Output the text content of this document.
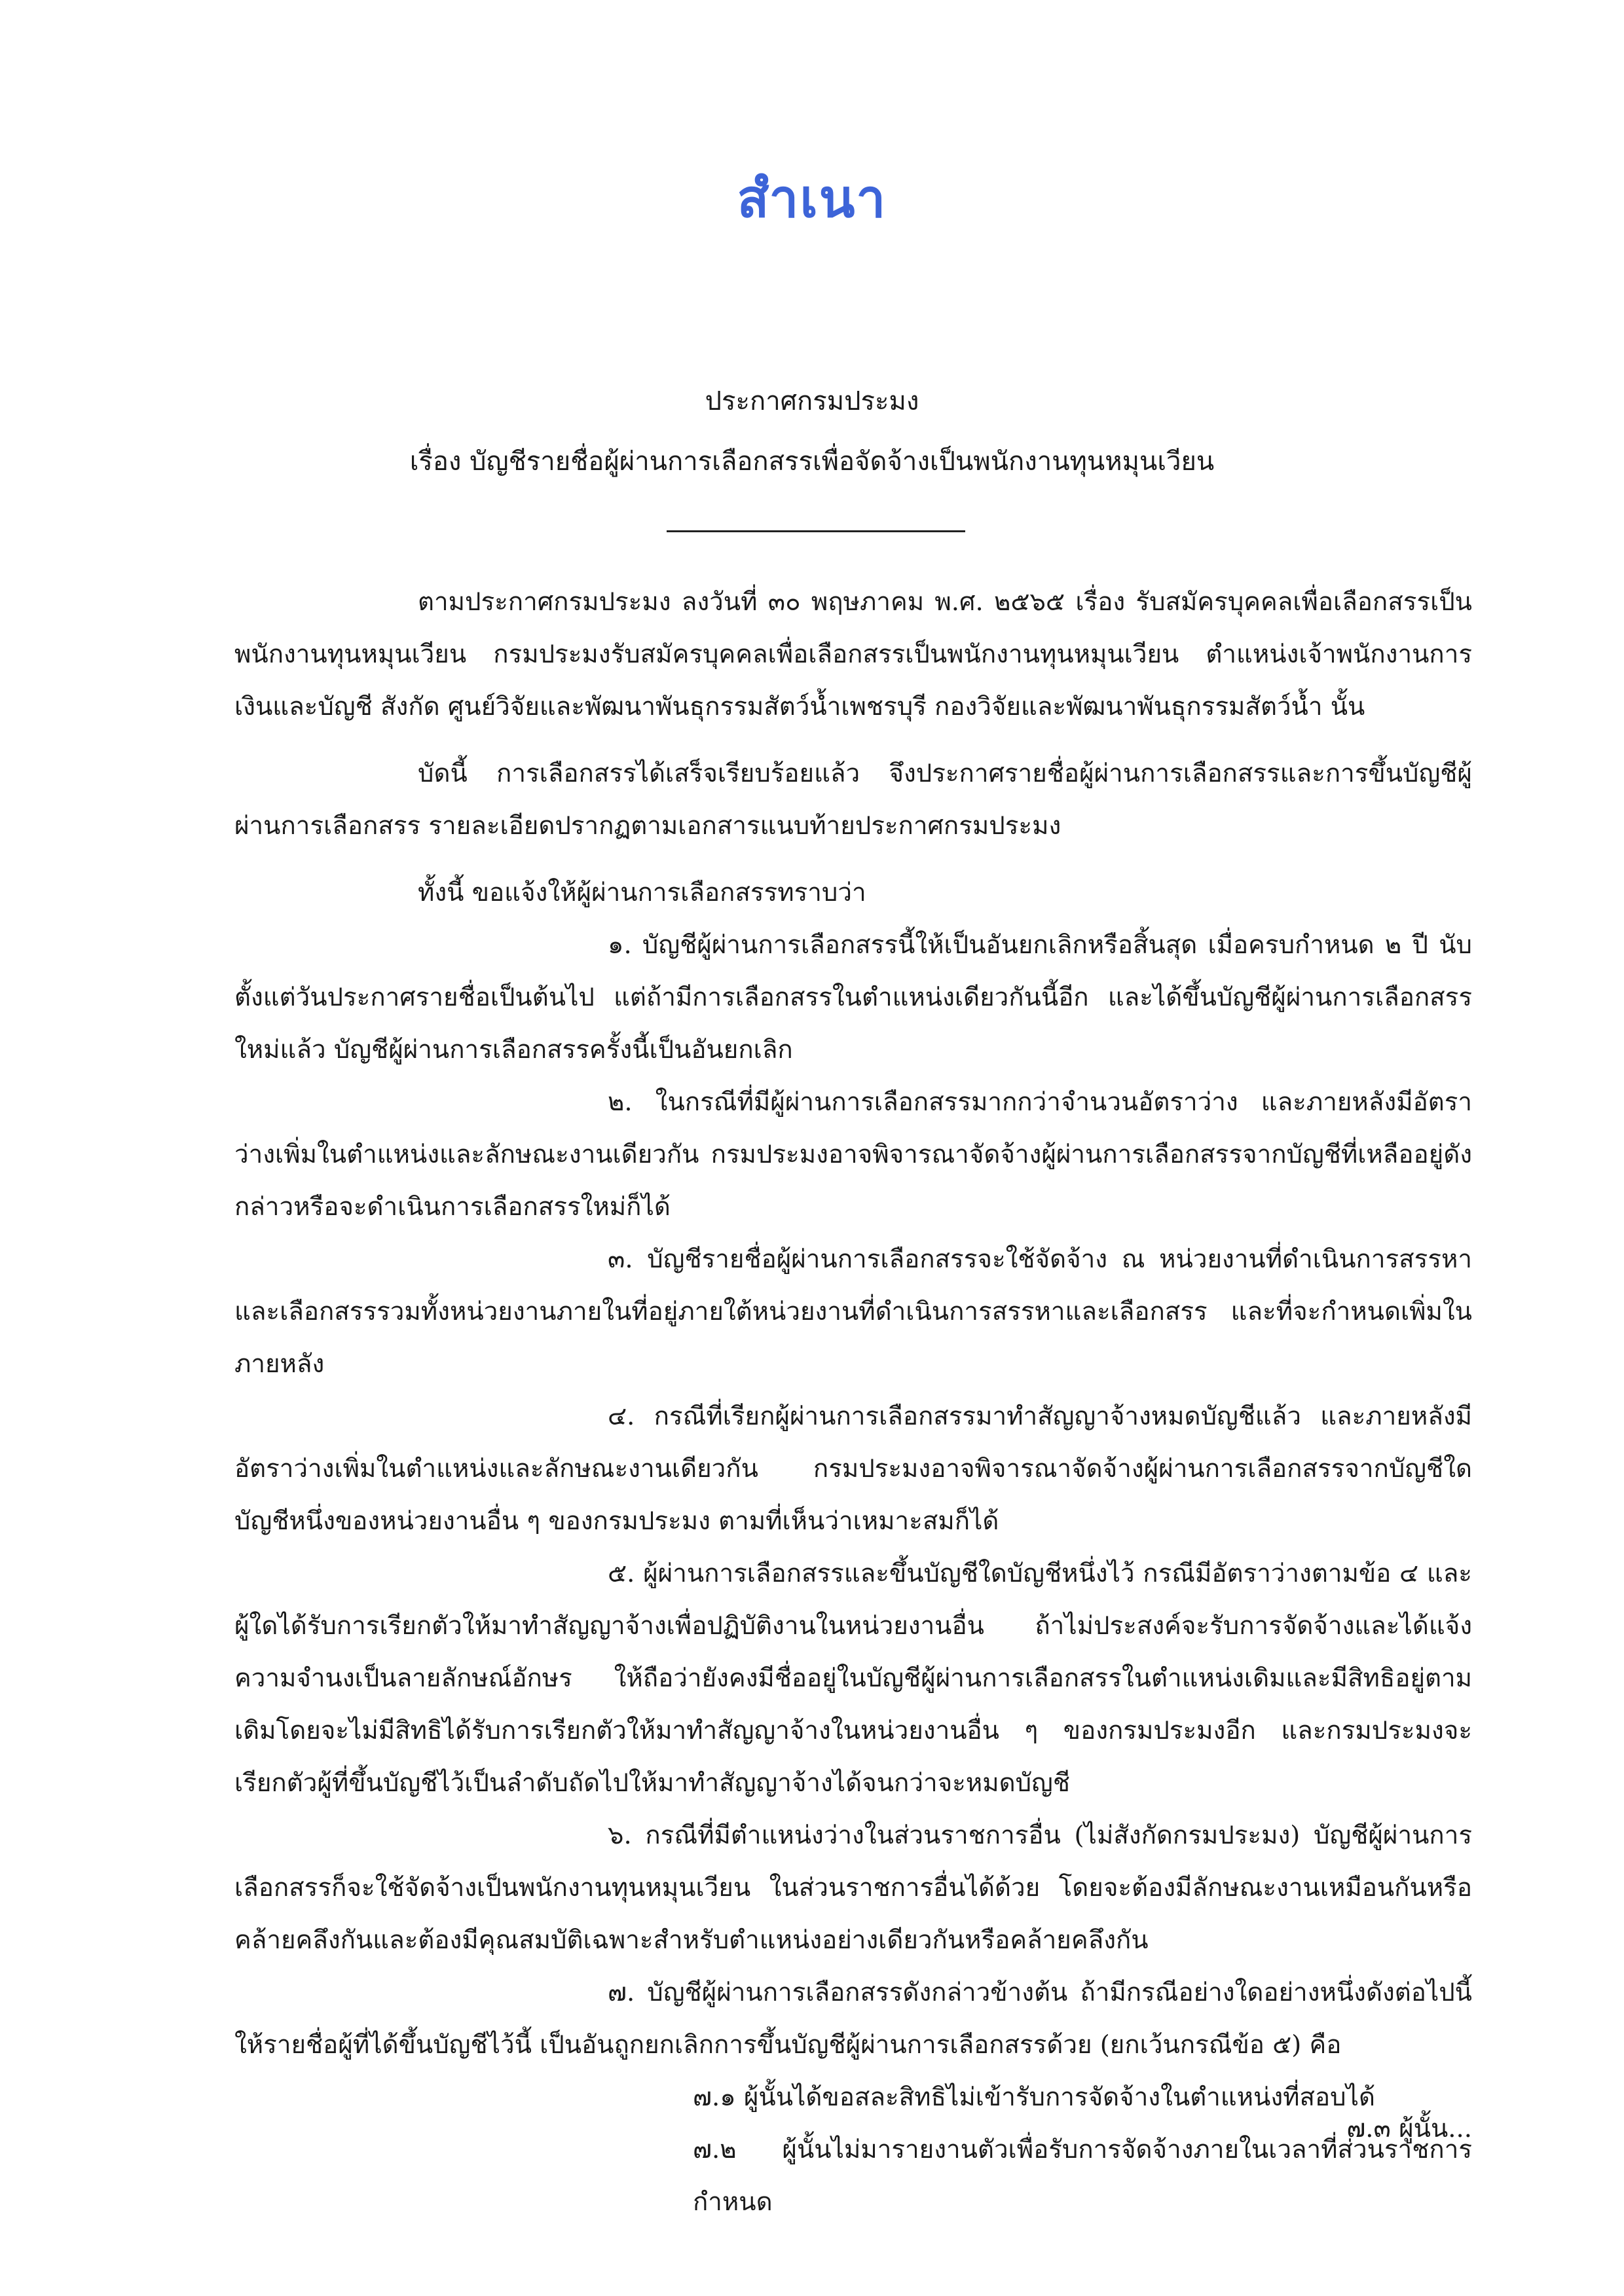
สำเนา
ประกาศกรมประมง
เรื่อง บัญชีรายชื่อผู้ผ่านการเลือกสรรเพื่อจัดจ้างเป็นพนักงานทุนหมุนเวียน

ตามประกาศกรมประมง ลงวันที่ ๓๐ พฤษภาคม พ.ศ. ๒๕๖๕ เรื่อง รับสมัครบุคคลเพื่อเลือกสรรเป็นพนักงานทุนหมุนเวียน กรมประมงรับสมัครบุคคลเพื่อเลือกสรรเป็นพนักงานทุนหมุนเวียน ตำแหน่งเจ้าพนักงานการเงินและบัญชี สังกัด ศูนย์วิจัยและพัฒนาพันธุกรรมสัตว์น้ำเพชรบุรี กองวิจัยและพัฒนาพันธุกรรมสัตว์น้ำ นั้น

บัดนี้ การเลือกสรรได้เสร็จเรียบร้อยแล้ว จึงประกาศรายชื่อผู้ผ่านการเลือกสรรและการขึ้นบัญชีผู้ผ่านการเลือกสรร รายละเอียดปรากฏตามเอกสารแนบท้ายประกาศกรมประมง

ทั้งนี้ ขอแจ้งให้ผู้ผ่านการเลือกสรรทราบว่า

๑. บัญชีผู้ผ่านการเลือกสรรนี้ให้เป็นอันยกเลิกหรือสิ้นสุด เมื่อครบกำหนด ๒ ปี นับตั้งแต่วันประกาศรายชื่อเป็นต้นไป แต่ถ้ามีการเลือกสรรในตำแหน่งเดียวกันนี้อีก และได้ขึ้นบัญชีผู้ผ่านการเลือกสรรใหม่แล้ว บัญชีผู้ผ่านการเลือกสรรครั้งนี้เป็นอันยกเลิก

๒. ในกรณีที่มีผู้ผ่านการเลือกสรรมากกว่าจำนวนอัตราว่าง และภายหลังมีอัตราว่างเพิ่มในตำแหน่งและลักษณะงานเดียวกัน กรมประมงอาจพิจารณาจัดจ้างผู้ผ่านการเลือกสรรจากบัญชีที่เหลืออยู่ดังกล่าวหรือจะดำเนินการเลือกสรรใหม่ก็ได้

๓. บัญชีรายชื่อผู้ผ่านการเลือกสรรจะใช้จัดจ้าง ณ หน่วยงานที่ดำเนินการสรรหาและเลือกสรรรวมทั้งหน่วยงานภายในที่อยู่ภายใต้หน่วยงานที่ดำเนินการสรรหาและเลือกสรร และที่จะกำหนดเพิ่มในภายหลัง

๔. กรณีที่เรียกผู้ผ่านการเลือกสรรมาทำสัญญาจ้างหมดบัญชีแล้ว และภายหลังมีอัตราว่างเพิ่มในตำแหน่งและลักษณะงานเดียวกัน กรมประมงอาจพิจารณาจัดจ้างผู้ผ่านการเลือกสรรจากบัญชีใดบัญชีหนึ่งของหน่วยงานอื่น ๆ ของกรมประมง ตามที่เห็นว่าเหมาะสมก็ได้

๕. ผู้ผ่านการเลือกสรรและขึ้นบัญชีใดบัญชีหนึ่งไว้ กรณีมีอัตราว่างตามข้อ ๔ และผู้ใดได้รับการเรียกตัวให้มาทำสัญญาจ้างเพื่อปฏิบัติงานในหน่วยงานอื่น ถ้าไม่ประสงค์จะรับการจัดจ้างและได้แจ้งความจำนงเป็นลายลักษณ์อักษร ให้ถือว่ายังคงมีชื่ออยู่ในบัญชีผู้ผ่านการเลือกสรรในตำแหน่งเดิมและมีสิทธิอยู่ตามเดิมโดยจะไม่มีสิทธิได้รับการเรียกตัวให้มาทำสัญญาจ้างในหน่วยงานอื่น ๆ ของกรมประมงอีก และกรมประมงจะเรียกตัวผู้ที่ขึ้นบัญชีไว้เป็นลำดับถัดไปให้มาทำสัญญาจ้างได้จนกว่าจะหมดบัญชี

๖. กรณีที่มีตำแหน่งว่างในส่วนราชการอื่น (ไม่สังกัดกรมประมง) บัญชีผู้ผ่านการเลือกสรรก็จะใช้จัดจ้างเป็นพนักงานทุนหมุนเวียน ในส่วนราชการอื่นได้ด้วย โดยจะต้องมีลักษณะงานเหมือนกันหรือคล้ายคลึงกันและต้องมีคุณสมบัติเฉพาะสำหรับตำแหน่งอย่างเดียวกันหรือคล้ายคลึงกัน

๗. บัญชีผู้ผ่านการเลือกสรรดังกล่าวข้างต้น ถ้ามีกรณีอย่างใดอย่างหนึ่งดังต่อไปนี้ ให้รายชื่อผู้ที่ได้ขึ้นบัญชีไว้นี้ เป็นอันถูกยกเลิกการขึ้นบัญชีผู้ผ่านการเลือกสรรด้วย (ยกเว้นกรณีข้อ ๕) คือ

๗.๑ ผู้นั้นได้ขอสละสิทธิไม่เข้ารับการจัดจ้างในตำแหน่งที่สอบได้

๗.๒ ผู้นั้นไม่มารายงานตัวเพื่อรับการจัดจ้างภายในเวลาที่ส่วนราชการกำหนด

๗.๓ ผู้นั้น...
